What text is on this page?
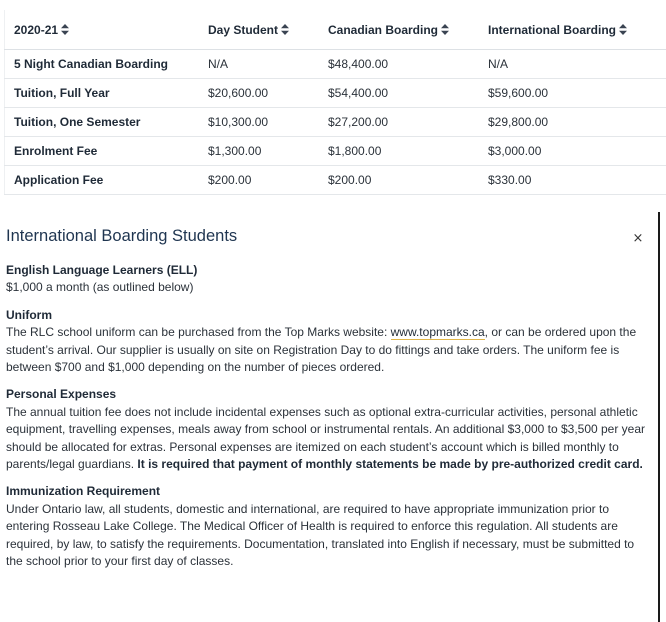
2020-21	Day Student	Canadian Boarding	International Boarding
5 Night Canadian Boarding	N/A	$48,400.00	N/A
Tuition, Full Year	$20,600.00	$54,400.00	$59,600.00
Tuition, One Semester	$10,300.00	$27,200.00	$29,800.00
Enrolment Fee	$1,300.00	$1,800.00	$3,000.00
Application Fee	$200.00	$200.00	$330.00
International Boarding Students	×

English Language Learners (ELL)

$1,000 a month (as outlined below)

Uniform

The RLC school uniform can be purchased from the Top Marks website: www.topmarks.ca, or can be ordered upon the student’s arrival. Our supplier is usually on site on Registration Day to do fittings and take orders. The uniform fee is between $700 and $1,000 depending on the number of pieces ordered.

Personal Expenses

The annual tuition fee does not include incidental expenses such as optional extra-curricular activities, personal athletic equipment, travelling expenses, meals away from school or instrumental rentals. An additional $3,000 to $3,500 per year should be allocated for extras. Personal expenses are itemized on each student’s account which is billed monthly to parents/legal guardians. It is required that payment of monthly statements be made by pre-authorized credit card.

Immunization Requirement

Under Ontario law, all students, domestic and international, are required to have appropriate immunization prior to entering Rosseau Lake College. The Medical Officer of Health is required to enforce this regulation. All students are required, by law, to satisfy the requirements. Documentation, translated into English if necessary, must be submitted to the school prior to your first day of classes.
